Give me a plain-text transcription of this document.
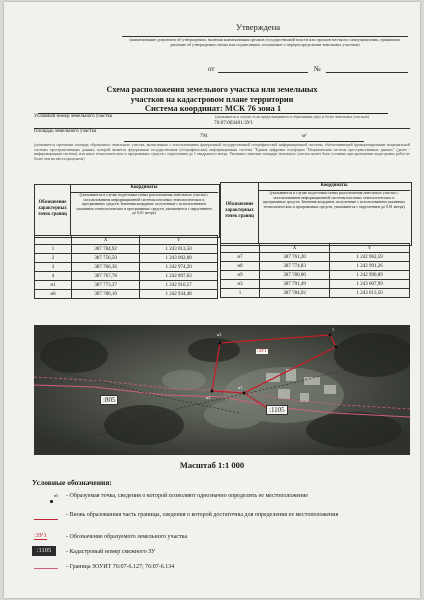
Утверждена
(наименование документа об утверждении, включая наименования органов государственной власти или органов местного самоуправления, принявших решение об утверждении схемы или подписавших соглашение о перераспределении земельных участков)
от	№
Схема расположения земельного участка или земельных
участков на кадастровом плане территории
Система координат: МСК 76 зона 1
Условный номер земельного участка
76:07:003401:ЗУ1
(указывается в случае, если предусматривается образование двух и более земельных участков)
Площадь земельного участка
794	м²
(указывается проектная площадь образуемого земельного участка, вычисленная с использованием федеральной государственной географической информационной системы, обеспечивающей функционирование национальной системы пространственных данных, которой является федеральная государственная (географическая) информационная система "Единая цифровая платформа "Национальная система пространственных данных" (далее - информационная система), или иных технологических и программных средств с округлением до 1 квадратного метра. Указанное значение площади земельного участка может быть уточнено при проведении кадастровых работ не более чем на шесть процентов)
Обозначение характерных точек границ
Координаты
(указываются в случае подготовки схемы расположения земельного участка с использованием информационной системы или иных технологических и программных средств. Значения координат, полученные с использованием указанных технологических и программных средств, указываются с округлением до 0,01 метра)
	X	Y
1	387 784,92	1 243 013,50
2	387 756,50	1 243 002,00
3	387 766,36	1 242 974,20
4	387 767,78	1 242 897,63
н1	387 773,37	1 242 916,57
н6	387 780,10	1 242 934,48
Обозначение характерных точек границ
Координаты
(указываются в случае подготовки схемы расположения земельного участка с использованием информационной системы или иных технологических и программных средств. Значения координат, полученные с использованием указанных технологических и программных средств, указываются с округлением до 0,01 метра)
	X	Y
н7	387 761,20	1 242 962,59
н8	387 774,83	1 242 991,26
н9	387 780,00	1 242 990,89
н3	387 791,49	1 243 007,99
1	387 784,92	1 243 013,50
н3
1
н1
н2
:805
:1105
:ЗУ1
Масштаб 1:1 000
Условные обозначения:
н5 - Образуемая точка, сведения о которой позволяют однозначно определить ее местоположение
- Вновь образованная часть границы, сведения о которой достаточны для определения ее местоположения
:ЗУ1	- Обозначение образуемого земельного участка
:1105	- Кадастровый номер смежного ЗУ
- Граница ЗОУИТ 76:07-6.127; 76:07-6.134
